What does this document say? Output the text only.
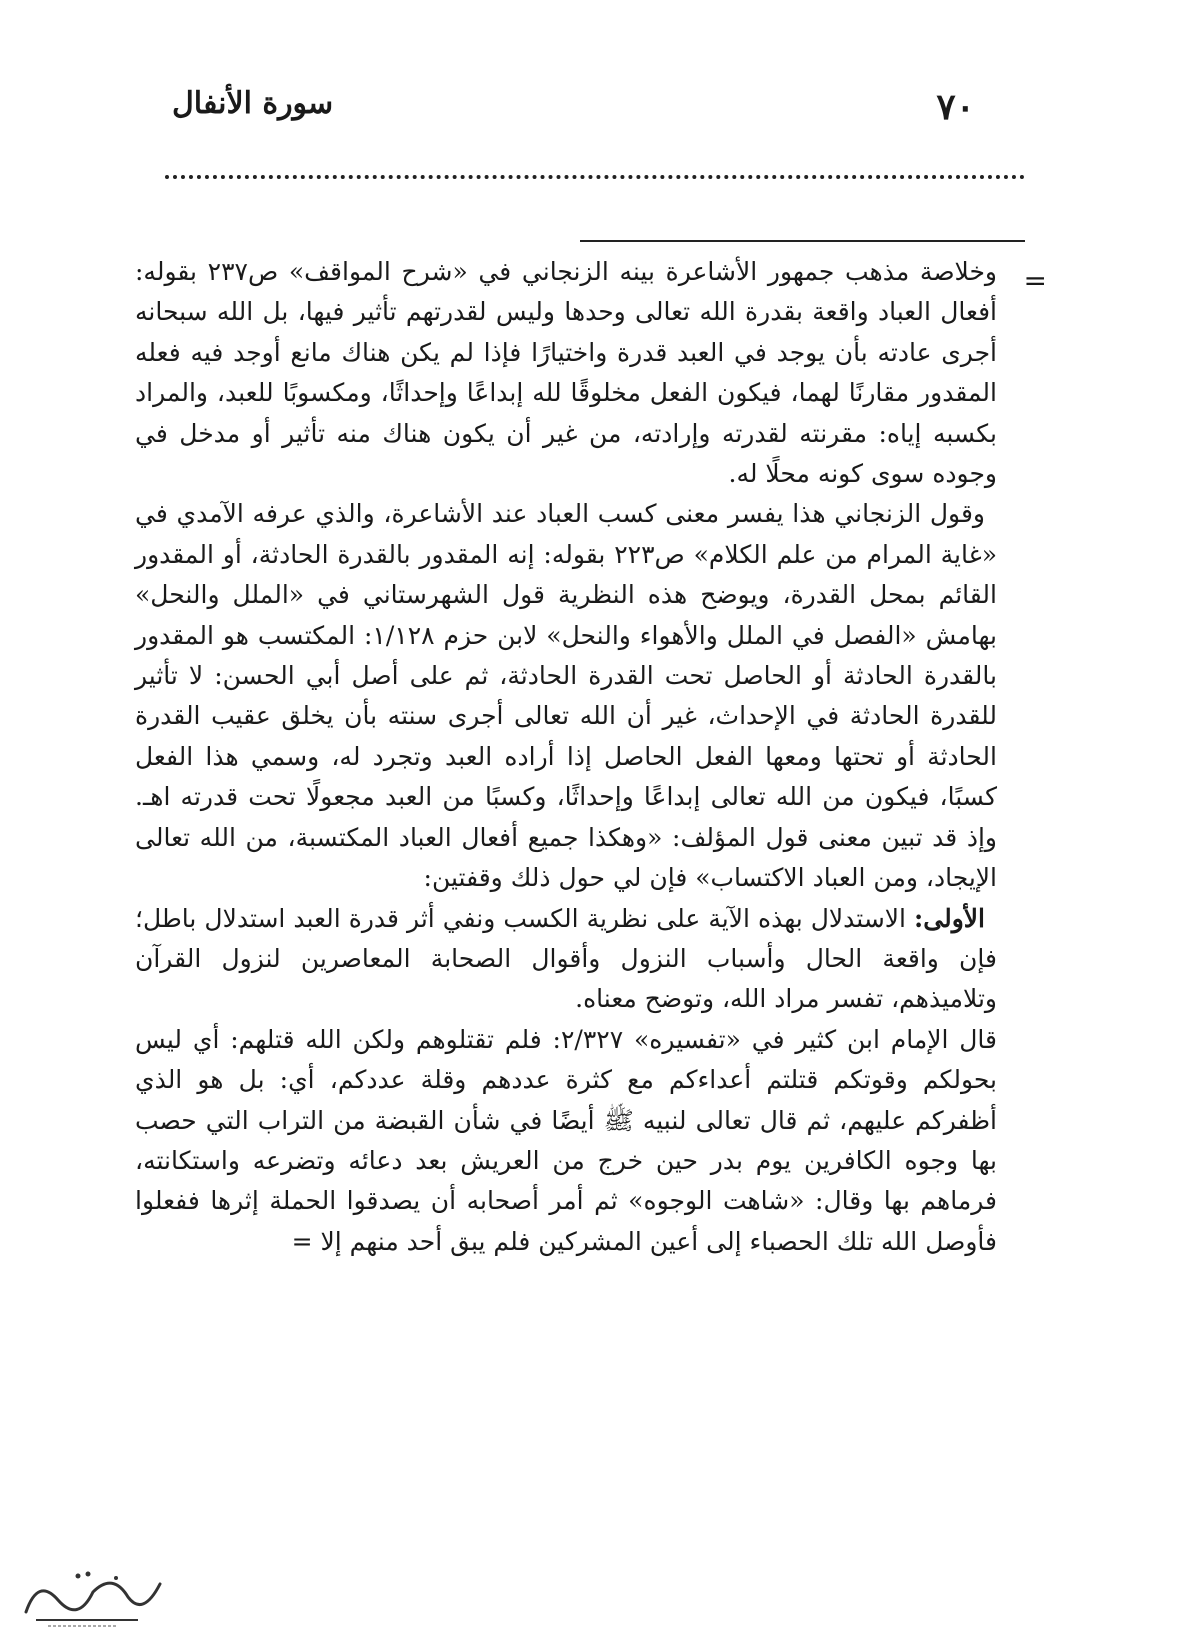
سورة الأنفال	٧٠
=

وخلاصة مذهب جمهور الأشاعرة بينه الزنجاني في «شرح المواقف» ص٢٣٧ بقوله: أفعال العباد واقعة بقدرة الله تعالى وحدها وليس لقدرتهم تأثير فيها، بل الله سبحانه أجرى عادته بأن يوجد في العبد قدرة واختيارًا فإذا لم يكن هناك مانع أوجد فيه فعله المقدور مقارنًا لهما، فيكون الفعل مخلوقًا لله إبداعًا وإحداثًا، ومكسوبًا للعبد، والمراد بكسبه إياه: مقرنته لقدرته وإرادته، من غير أن يكون هناك منه تأثير أو مدخل في وجوده سوى كونه محلًا له.

وقول الزنجاني هذا يفسر معنى كسب العباد عند الأشاعرة، والذي عرفه الآمدي في «غاية المرام من علم الكلام» ص٢٢٣ بقوله: إنه المقدور بالقدرة الحادثة، أو المقدور القائم بمحل القدرة، ويوضح هذه النظرية قول الشهرستاني في «الملل والنحل» بهامش «الفصل في الملل والأهواء والنحل» لابن حزم ١/١٢٨: المكتسب هو المقدور بالقدرة الحادثة أو الحاصل تحت القدرة الحادثة، ثم على أصل أبي الحسن: لا تأثير للقدرة الحادثة في الإحداث، غير أن الله تعالى أجرى سنته بأن يخلق عقيب القدرة الحادثة أو تحتها ومعها الفعل الحاصل إذا أراده العبد وتجرد له، وسمي هذا الفعل كسبًا، فيكون من الله تعالى إبداعًا وإحداثًا، وكسبًا من العبد مجعولًا تحت قدرته اهـ. وإذ قد تبين معنى قول المؤلف: «وهكذا جميع أفعال العباد المكتسبة، من الله تعالى الإيجاد، ومن العباد الاكتساب» فإن لي حول ذلك وقفتين:

الأولى: الاستدلال بهذه الآية على نظرية الكسب ونفي أثر قدرة العبد استدلال باطل؛ فإن واقعة الحال وأسباب النزول وأقوال الصحابة المعاصرين لنزول القرآن وتلاميذهم، تفسر مراد الله، وتوضح معناه.

قال الإمام ابن كثير في «تفسيره» ٢/٣٢٧: فلم تقتلوهم ولكن الله قتلهم: أي ليس بحولكم وقوتكم قتلتم أعداءكم مع كثرة عددهم وقلة عددكم، أي: بل هو الذي أظفركم عليهم، ثم قال تعالى لنبيه ﷺ أيضًا في شأن القبضة من التراب التي حصب بها وجوه الكافرين يوم بدر حين خرج من العريش بعد دعائه وتضرعه واستكانته، فرماهم بها وقال: «شاهت الوجوه» ثم أمر أصحابه أن يصدقوا الحملة إثرها ففعلوا فأوصل الله تلك الحصباء إلى أعين المشركين فلم يبق أحد منهم إلا =
